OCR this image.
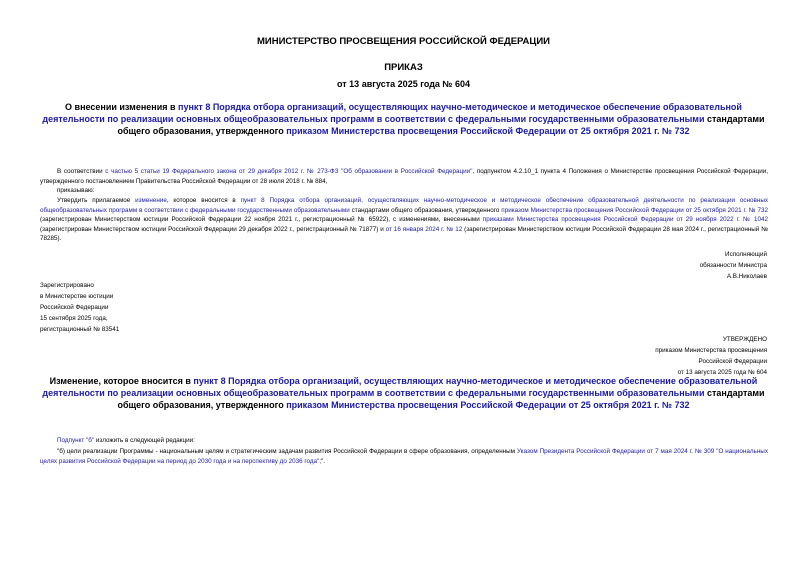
МИНИСТЕРСТВО ПРОСВЕЩЕНИЯ РОССИЙСКОЙ ФЕДЕРАЦИИ
ПРИКАЗ
от 13 августа 2025 года № 604
О внесении изменения в пункт 8 Порядка отбора организаций, осуществляющих научно-методическое и методическое обеспечение образовательной деятельности по реализации основных общеобразовательных программ в соответствии с федеральными государственными образовательными стандартами общего образования, утвержденного приказом Министерства просвещения Российской Федерации от 25 октября 2021 г. № 732
В соответствии с частью 5 статьи 19 Федерального закона от 29 декабря 2012 г. № 273-ФЗ "Об образовании в Российской Федерации", подпунктом 4.2.10_1 пункта 4 Положения о Министерстве просвещения Российской Федерации, утвержденного постановлением Правительства Российской Федерации от 28 июля 2018 г. № 884,
приказываю:
Утвердить прилагаемое изменение, которое вносится в пункт 8 Порядка отбора организаций, осуществляющих научно-методическое и методическое обеспечение образовательной деятельности по реализации основных общеобразовательных программ в соответствии с федеральными государственными образовательными стандартами общего образования, утвержденного приказом Министерства просвещения Российской Федерации от 25 октября 2021 г. № 732 (зарегистрирован Министерством юстиции Российской Федерации 22 ноября 2021 г., регистрационный № 65922), с изменениями, внесенными приказами Министерства просвещения Российской Федерации от 29 ноября 2022 г. № 1042 (зарегистрирован Министерством юстиции Российской Федерации 29 декабря 2022 г., регистрационный № 71877) и от 16 января 2024 г. № 12 (зарегистрирован Министерством юстиции Российской Федерации 28 мая 2024 г., регистрационный № 78285).
Исполняющий
обязанности Министра
А.В.Николаев
Зарегистрировано
в Министерстве юстиции
Российской Федерации
15 сентября 2025 года,
регистрационный № 83541
УТВЕРЖДЕНО
приказом Министерства просвещения
Российской Федерации
от 13 августа 2025 года № 604
Изменение, которое вносится в пункт 8 Порядка отбора организаций, осуществляющих научно-методическое и методическое обеспечение образовательной деятельности по реализации основных общеобразовательных программ в соответствии с федеральными государственными образовательными стандартами общего образования, утвержденного приказом Министерства просвещения Российской Федерации от 25 октября 2021 г. № 732
Подпункт "б" изложить в следующей редакции:
"б) цели реализации Программы - национальным целям и стратегическим задачам развития Российской Федерации в сфере образования, определенным Указом Президента Российской Федерации от 7 мая 2024 г. № 309 "О национальных целях развития Российской Федерации на период до 2030 года и на перспективу до 2036 года";".
